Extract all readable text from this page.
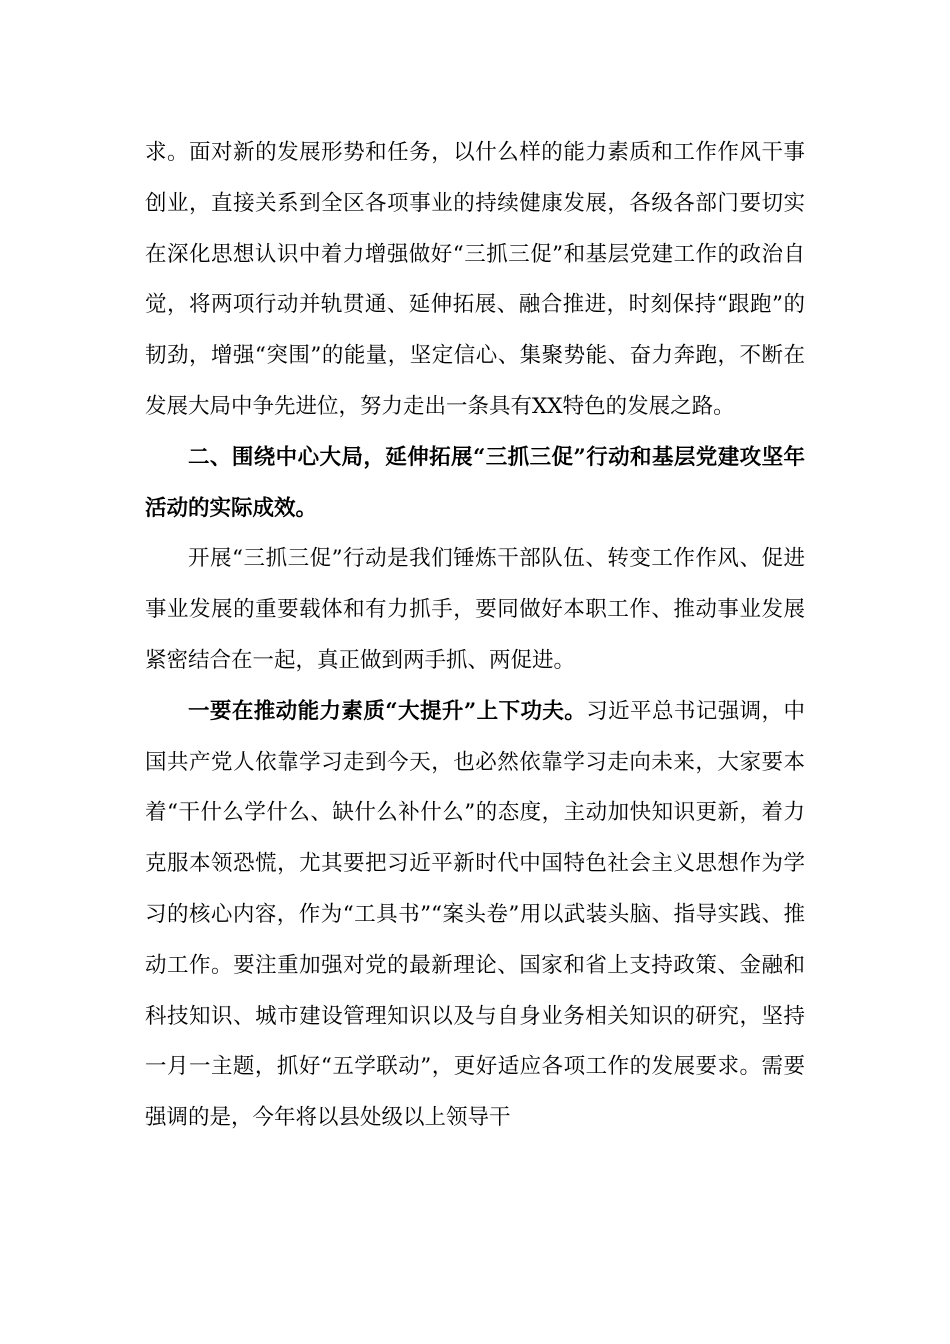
求。面对新的发展形势和任务，以什么样的能力素质和工作作风干事创业，直接关系到全区各项事业的持续健康发展，各级各部门要切实在深化思想认识中着力增强做好“三抓三促”和基层党建工作的政治自觉，将两项行动并轨贯通、延伸拓展、融合推进，时刻保持“跟跑”的韧劲，增强“突围”的能量，坚定信心、集聚势能、奋力奔跑，不断在发展大局中争先进位，努力走出一条具有XX特色的发展之路。

二、围绕中心大局，延伸拓展“三抓三促”行动和基层党建攻坚年活动的实际成效。

开展“三抓三促”行动是我们锤炼干部队伍、转变工作作风、促进事业发展的重要载体和有力抓手，要同做好本职工作、推动事业发展紧密结合在一起，真正做到两手抓、两促进。

一要在推动能力素质“大提升”上下功夫。习近平总书记强调，中国共产党人依靠学习走到今天，也必然依靠学习走向未来，大家要本着“干什么学什么、缺什么补什么”的态度，主动加快知识更新，着力克服本领恐慌，尤其要把习近平新时代中国特色社会主义思想作为学习的核心内容，作为“工具书”“案头卷”用以武装头脑、指导实践、推动工作。要注重加强对党的最新理论、国家和省上支持政策、金融和科技知识、城市建设管理知识以及与自身业务相关知识的研究，坚持一月一主题，抓好“五学联动”，更好适应各项工作的发展要求。需要强调的是，今年将以县处级以上领导干
